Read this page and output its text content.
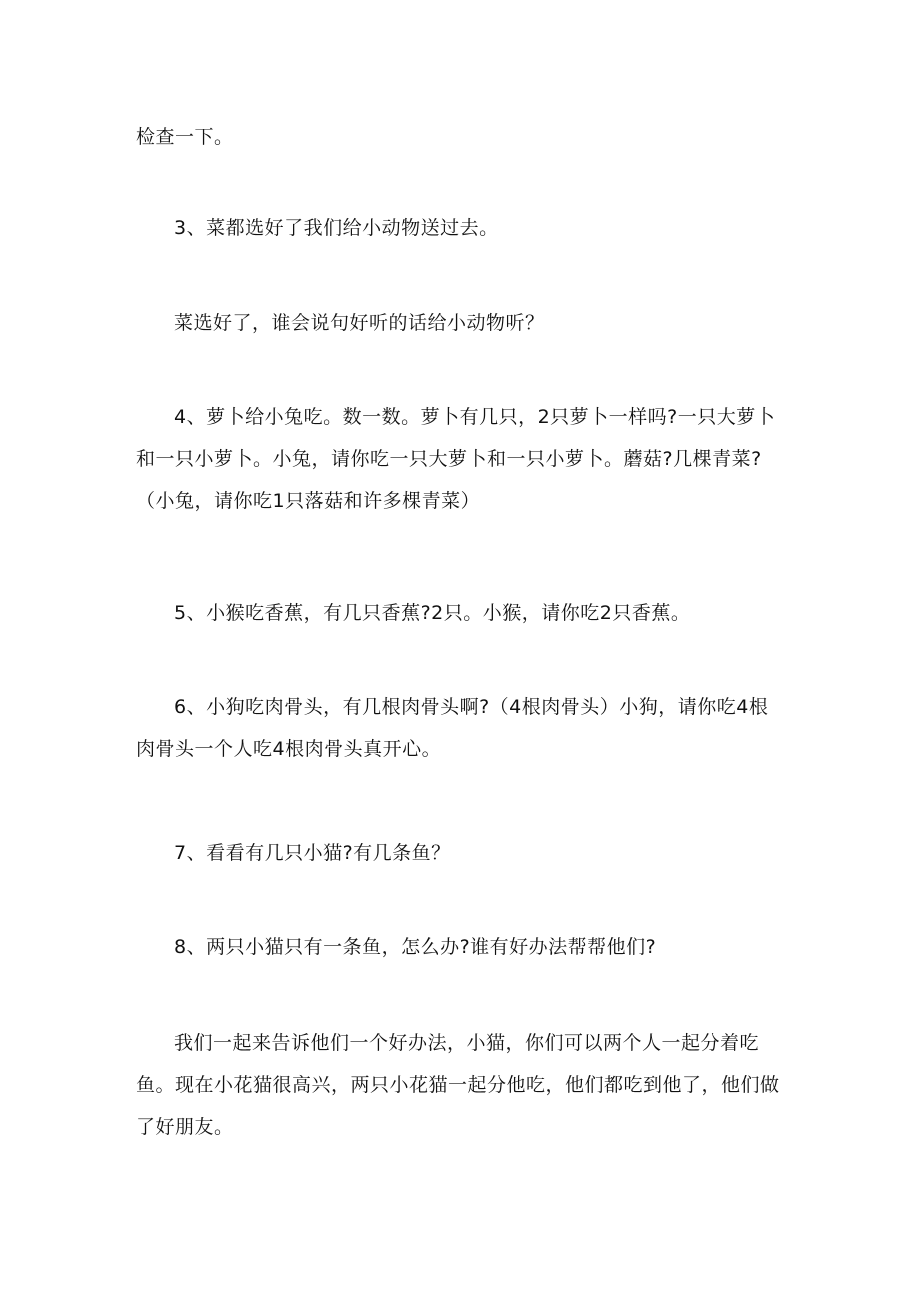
检查一下。

3、菜都选好了我们给小动物送过去。

菜选好了，谁会说句好听的话给小动物听？

4、萝卜给小兔吃。数一数。萝卜有几只，2只萝卜一样吗?一只大萝卜
和一只小萝卜。小兔，请你吃一只大萝卜和一只小萝卜。蘑菇?几棵青菜?
（小兔，请你吃1只落菇和许多棵青菜）

5、小猴吃香蕉，有几只香蕉?2只。小猴，请你吃2只香蕉。

6、小狗吃肉骨头，有几根肉骨头啊?（4根肉骨头）小狗，请你吃4根
肉骨头一个人吃4根肉骨头真开心。

7、看看有几只小猫?有几条鱼？

8、两只小猫只有一条鱼，怎么办?谁有好办法帮帮他们?

我们一起来告诉他们一个好办法，小猫，你们可以两个人一起分着吃
鱼。现在小花猫很高兴，两只小花猫一起分他吃，他们都吃到他了，他们做
了好朋友。
